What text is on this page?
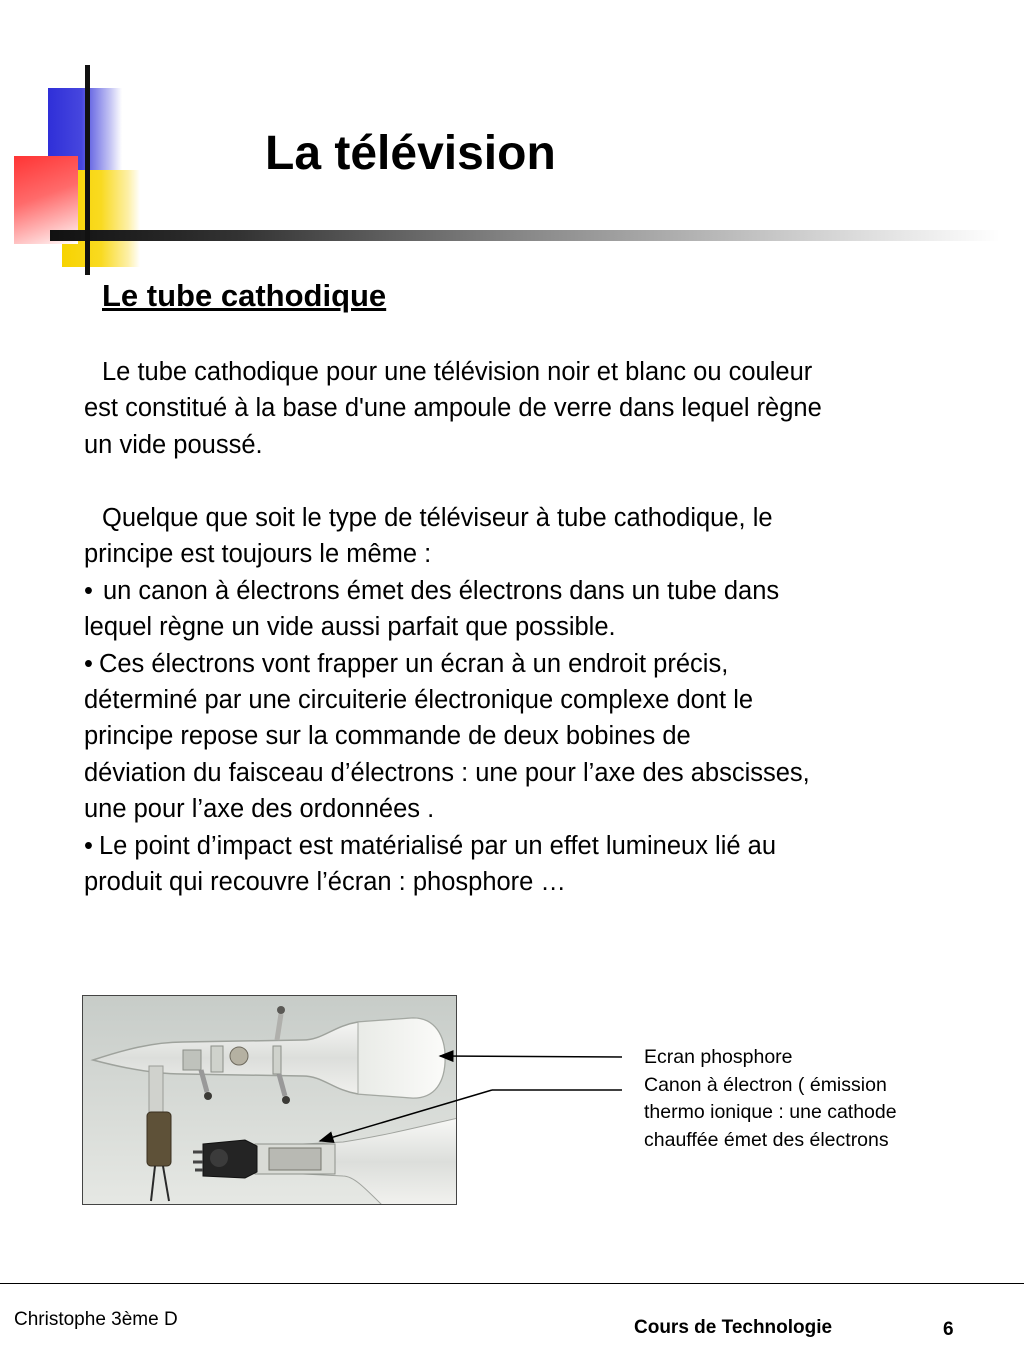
La télévision
Le tube cathodique

Le tube cathodique pour une télévision noir et blanc ou couleur

est constitué à la base d'une ampoule de verre dans lequel règne

un vide poussé.

Quelque que soit le type de téléviseur à tube cathodique, le

principe est toujours le même :

• un canon à électrons émet des électrons dans un tube dans

lequel règne un vide aussi parfait que possible.

• Ces électrons vont frapper un écran à un endroit précis,

déterminé par une circuiterie électronique complexe dont le

principe repose sur la commande de deux bobines de

déviation du faisceau d’électrons : une pour l’axe des abscisses,

une pour l’axe des ordonnées .

• Le point d’impact est matérialisé par un effet lumineux lié au

produit qui recouvre l’écran : phosphore …

Ecran phosphore
Canon à électron ( émission
thermo ionique : une cathode
chauffée émet des électrons
Christophe 3ème D	Cours de Technologie	6
